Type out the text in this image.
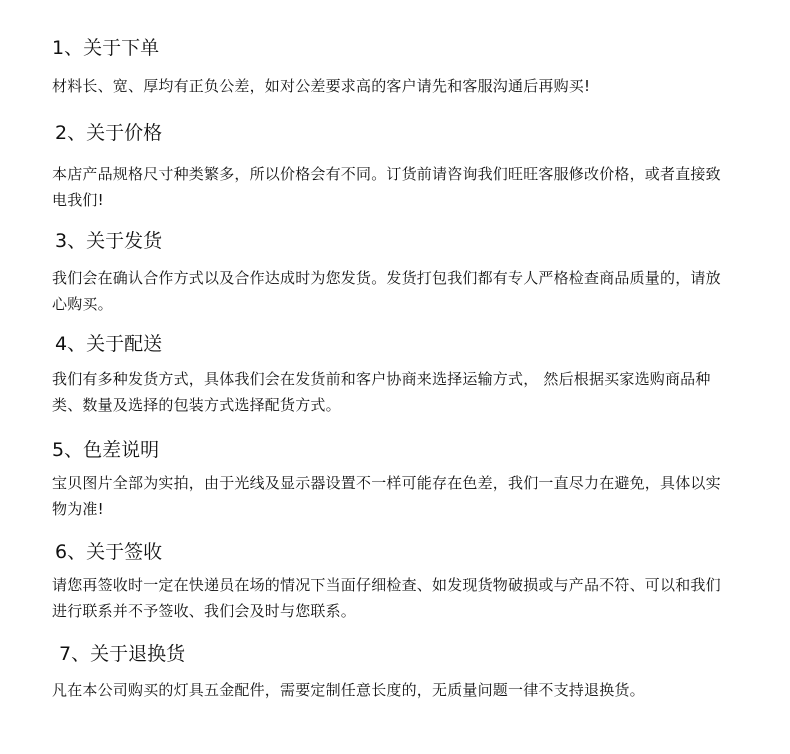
1、关于下单

材料长、宽、厚均有正负公差，如对公差要求高的客户请先和客服沟通后再购买!

2、关于价格

本店产品规格尺寸种类繁多，所以价格会有不同。订货前请咨询我们旺旺客服修改价格，或者直接致电我们!

3、关于发货

我们会在确认合作方式以及合作达成时为您发货。发货打包我们都有专人严格检查商品质量的，请放心购买。

4、关于配送

我们有多种发货方式，具体我们会在发货前和客户协商来选择运输方式， 然后根据买家选购商品种类、数量及选择的包装方式选择配货方式。

5、色差说明

宝贝图片全部为实拍，由于光线及显示器设置不一样可能存在色差，我们一直尽力在避免，具体以实物为准!

6、关于签收

请您再签收时一定在快递员在场的情况下当面仔细检查、如发现货物破损或与产品不符、可以和我们进行联系并不予签收、我们会及时与您联系。

7、关于退换货

凡在本公司购买的灯具五金配件，需要定制任意长度的，无质量问题一律不支持退换货。
